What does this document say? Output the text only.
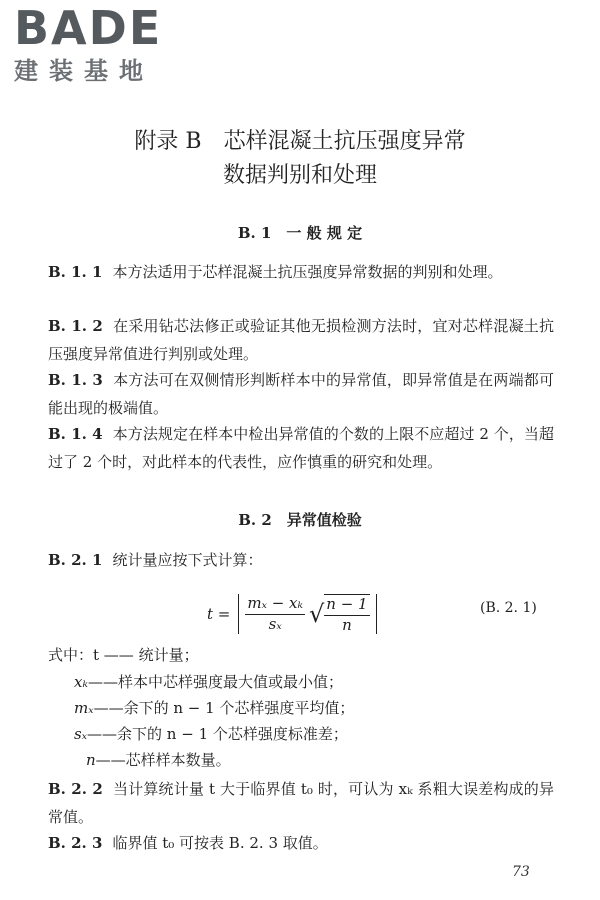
BADE
建装基地
附录 B　芯样混凝土抗压强度异常
数据判别和处理
B. 1　一 般 规 定
B. 1. 1 本方法适用于芯样混凝土抗压强度异常数据的判别和处理。
B. 1. 2 在采用钻芯法修正或验证其他无损检测方法时，宜对芯样混凝土抗压强度异常值进行判别或处理。
B. 1. 3 本方法可在双侧情形判断样本中的异常值，即异常值是在两端都可能出现的极端值。
B. 1. 4 本方法规定在样本中检出异常值的个数的上限不应超过 2 个，当超过了 2 个时，对此样本的代表性，应作慎重的研究和处理。
B. 2　异常值检验
B. 2. 1 统计量应按下式计算：
$t = \frac{\text{mₓ − xₖ}}{\text{sₓ}}$ √ $\frac{n - 1}{n}$	(B. 2. 1)
式中：t —— 统计量；
xₖ——样本中芯样强度最大值或最小值；
mₓ——余下的 n − 1 个芯样强度平均值；
sₓ——余下的 n − 1 个芯样强度标准差；
n——芯样样本数量。
B. 2. 2 当计算统计量 t 大于临界值 t₀ 时，可认为 xₖ 系粗大误差构成的异常值。
B. 2. 3 临界值 t₀ 可按表 B. 2. 3 取值。
73
